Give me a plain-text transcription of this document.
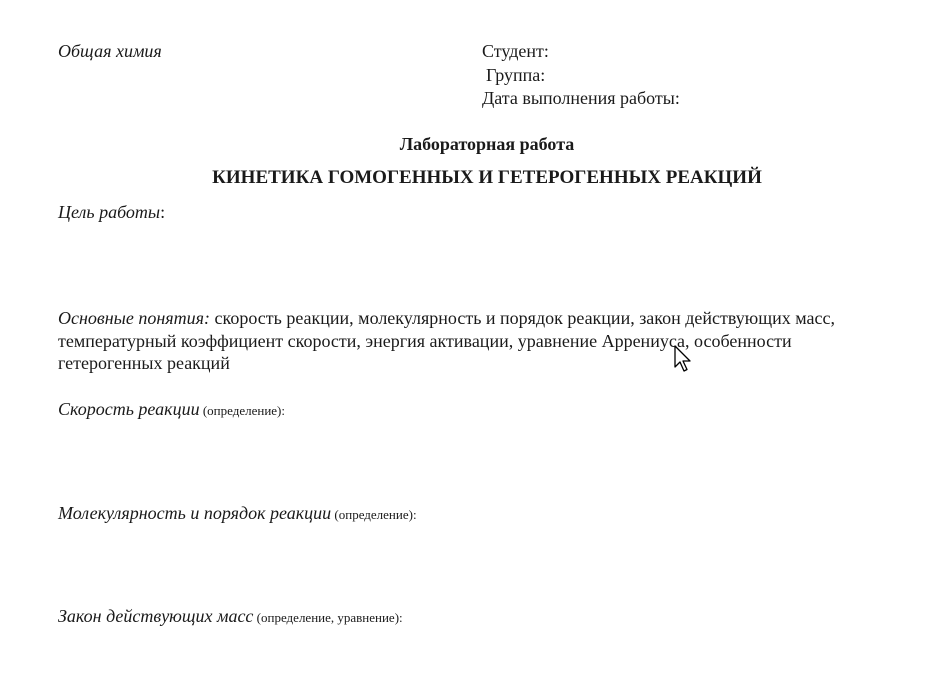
Общая химия	Студент:
Группа:
Дата выполнения работы:
Лабораторная работа
КИНЕТИКА ГОМОГЕННЫХ И ГЕТЕРОГЕННЫХ РЕАКЦИЙ
Цель работы:
Основные понятия: скорость реакции, молекулярность и порядок реакции, закон действующих масс, температурный коэффициент скорости, энергия активации, уравнение Аррениуса, особенности гетерогенных реакций
Скорость реакции (определение):
Молекулярность и порядок реакции (определение):
Закон действующих масс (определение, уравнение):
